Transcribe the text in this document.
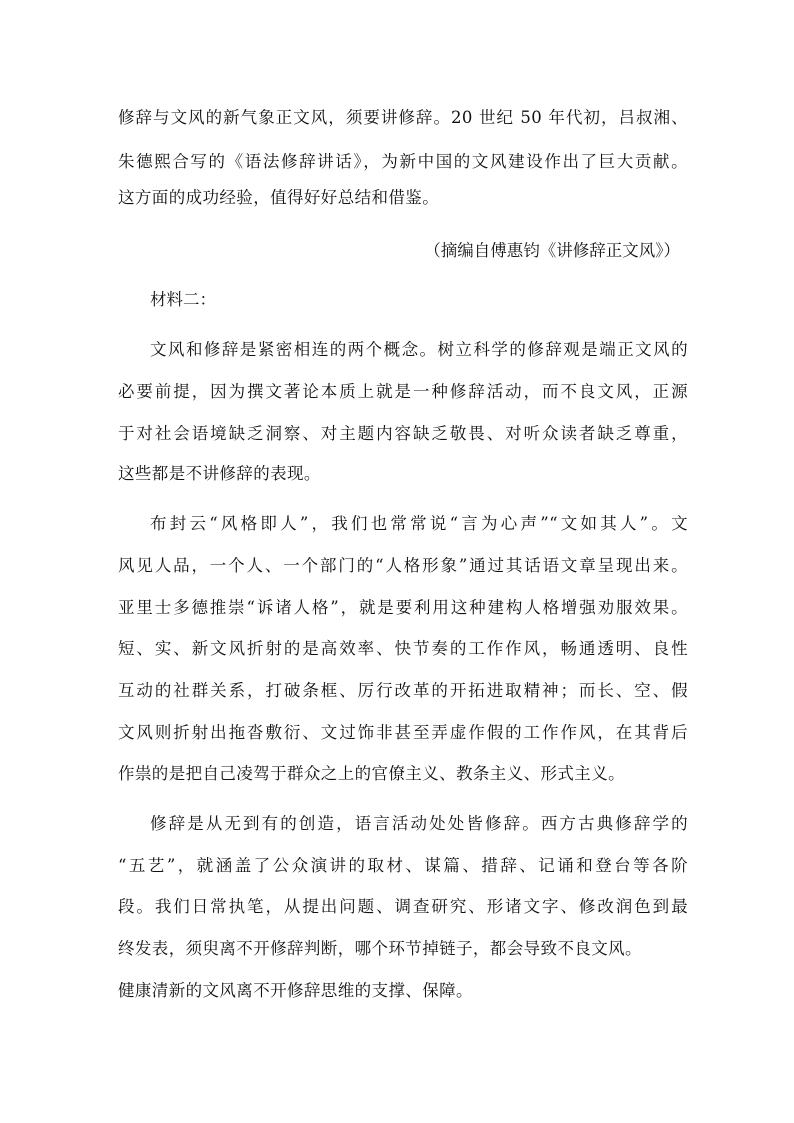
修辞与文风的新气象正文风，须要讲修辞。20 世纪 50 年代初，吕叔湘、
朱德熙合写的《语法修辞讲话》，为新中国的文风建设作出了巨大贡献。
这方面的成功经验，值得好好总结和借鉴。
（摘编自傅惠钧《讲修辞正文风》）
材料二：
文风和修辞是紧密相连的两个概念。树立科学的修辞观是端正文风的
必要前提，因为撰文著论本质上就是一种修辞活动，而不良文风，正源
于对社会语境缺乏洞察、对主题内容缺乏敬畏、对听众读者缺乏尊重，
这些都是不讲修辞的表现。
布封云“风格即人”，我们也常常说“言为心声”“文如其人”。文
风见人品，一个人、一个部门的“人格形象”通过其话语文章呈现出来。
亚里士多德推崇“诉诸人格”，就是要利用这种建构人格增强劝服效果。
短、实、新文风折射的是高效率、快节奏的工作作风，畅通透明、良性
互动的社群关系，打破条框、厉行改革的开拓进取精神；而长、空、假
文风则折射出拖沓敷衍、文过饰非甚至弄虚作假的工作作风，在其背后
作祟的是把自己凌驾于群众之上的官僚主义、教条主义、形式主义。
修辞是从无到有的创造，语言活动处处皆修辞。西方古典修辞学的
“五艺”，就涵盖了公众演讲的取材、谋篇、措辞、记诵和登台等各阶
段。我们日常执笔，从提出问题、调查研究、形诸文字、修改润色到最
终发表，须臾离不开修辞判断，哪个环节掉链子，都会导致不良文风。
健康清新的文风离不开修辞思维的支撑、保障。
